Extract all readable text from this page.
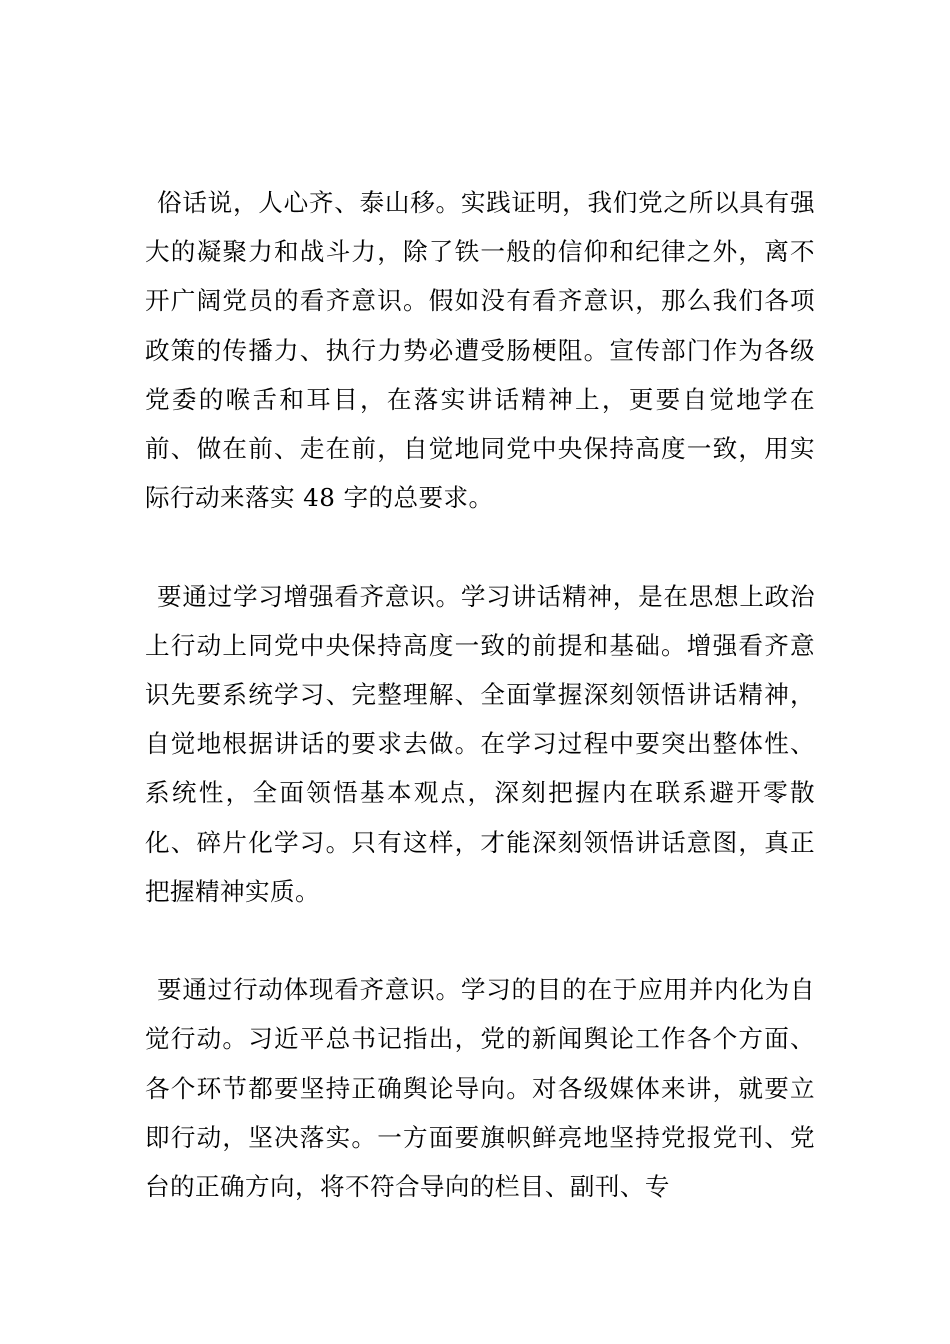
俗话说，人心齐、泰山移。实践证明，我们党之所以具有强大的凝聚力和战斗力，除了铁一般的信仰和纪律之外，离不开广阔党员的看齐意识。假如没有看齐意识，那么我们各项政策的传播力、执行力势必遭受肠梗阻。宣传部门作为各级党委的喉舌和耳目，在落实讲话精神上，更要自觉地学在前、做在前、走在前，自觉地同党中央保持高度一致，用实际行动来落实 48 字的总要求。

要通过学习增强看齐意识。学习讲话精神，是在思想上政治上行动上同党中央保持高度一致的前提和基础。增强看齐意识先要系统学习、完整理解、全面掌握深刻领悟讲话精神，自觉地根据讲话的要求去做。在学习过程中要突出整体性、系统性，全面领悟基本观点，深刻把握内在联系避开零散化、碎片化学习。只有这样，才能深刻领悟讲话意图，真正把握精神实质。

要通过行动体现看齐意识。学习的目的在于应用并内化为自觉行动。习近平总书记指出，党的新闻舆论工作各个方面、各个环节都要坚持正确舆论导向。对各级媒体来讲，就要立即行动，坚决落实。一方面要旗帜鲜亮地坚持党报党刊、党台的正确方向，将不符合导向的栏目、副刊、专
